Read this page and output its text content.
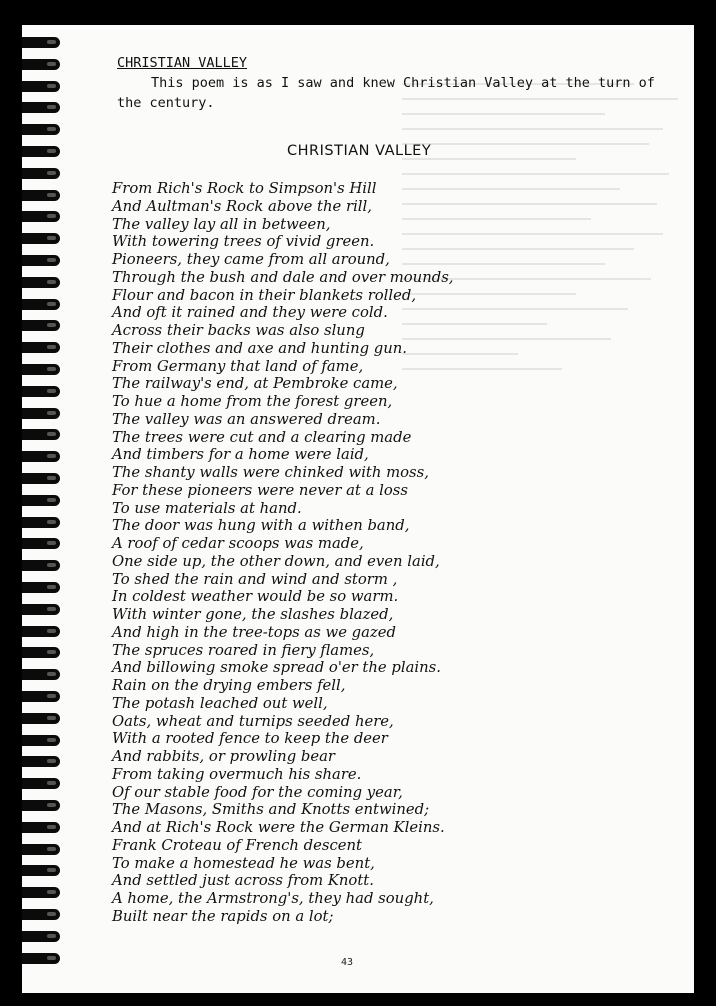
CHRISTIAN VALLEY

This poem is as I saw and knew Christian Valley at the turn of the century.

CHRISTIAN VALLEY
From Rich's Rock to Simpson's Hill
And Aultman's Rock above the rill,
The valley lay all in between,
With towering trees of vivid green.
Pioneers, they came from all around,
Through the bush and dale and over mounds,
Flour and bacon in their blankets rolled,
And oft it rained and they were cold.
Across their backs was also slung
Their clothes and axe and hunting gun.
From Germany that land of fame,
The railway's end, at Pembroke came,
To hue a home from the forest green,
The valley was an answered dream.
The trees were cut and a clearing made
And timbers for a home were laid,
The shanty walls were chinked with moss,
For these pioneers were never at a loss
To use materials at hand.
The door was hung with a withen band,
A roof of cedar scoops was made,
One side up, the other down, and even laid,
To shed the rain and wind and storm ,
In coldest weather would be so warm.
With winter gone, the slashes blazed,
And high in the tree-tops as we gazed
The spruces roared in fiery flames,
And billowing smoke spread o'er the plains.
Rain on the drying embers fell,
The potash leached out well,
Oats, wheat and turnips seeded here,
With a rooted fence to keep the deer
And rabbits, or prowling bear
From taking overmuch his share.
Of our stable food for the coming year,
The Masons, Smiths and Knotts entwined;
And at Rich's Rock were the German Kleins.
Frank Croteau of French descent
To make a homestead he was bent,
And settled just across from Knott.
A home, the Armstrong's, they had sought,
Built near the rapids on a lot;
43
